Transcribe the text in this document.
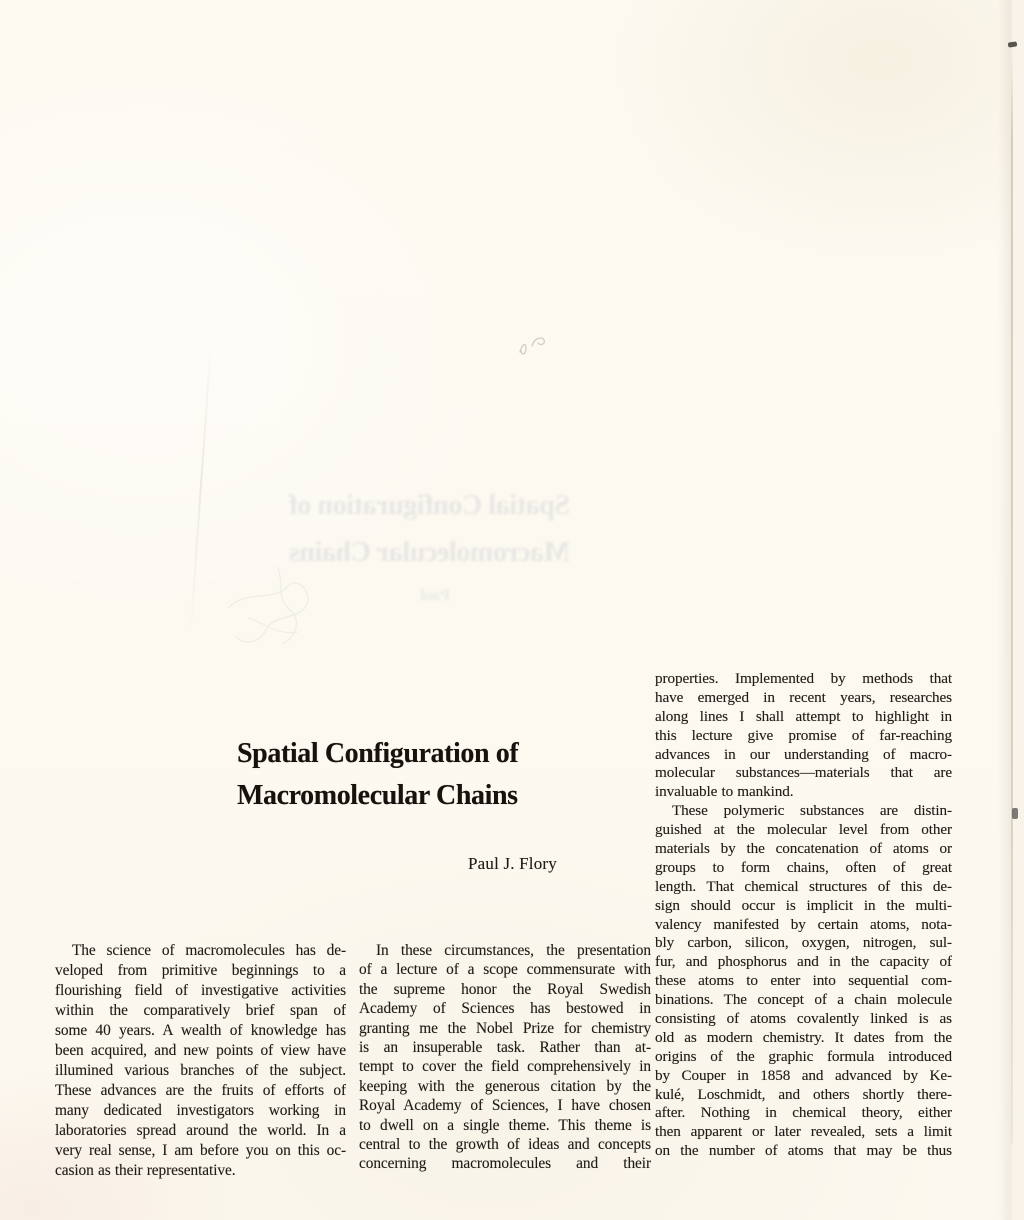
Spatial Configuration of
Macromolecular Chains
Paul
Spatial Configuration of
Macromolecular Chains
Paul J. Flory
The science of macromolecules has de-
veloped from primitive beginnings to a
flourishing field of investigative activities
within the comparatively brief span of
some 40 years. A wealth of knowledge has
been acquired, and new points of view have
illumined various branches of the subject.
These advances are the fruits of efforts of
many dedicated investigators working in
laboratories spread around the world. In a
very real sense, I am before you on this oc-
casion as their representative.
In these circumstances, the presentation
of a lecture of a scope commensurate with
the supreme honor the Royal Swedish
Academy of Sciences has bestowed in
granting me the Nobel Prize for chemistry
is an insuperable task. Rather than at-
tempt to cover the field comprehensively in
keeping with the generous citation by the
Royal Academy of Sciences, I have chosen
to dwell on a single theme. This theme is
central to the growth of ideas and concepts
concerning macromolecules and their
properties. Implemented by methods that
have emerged in recent years, researches
along lines I shall attempt to highlight in
this lecture give promise of far-reaching
advances in our understanding of macro-
molecular substances—materials that are
invaluable to mankind.
These polymeric substances are distin-
guished at the molecular level from other
materials by the concatenation of atoms or
groups to form chains, often of great
length. That chemical structures of this de-
sign should occur is implicit in the multi-
valency manifested by certain atoms, nota-
bly carbon, silicon, oxygen, nitrogen, sul-
fur, and phosphorus and in the capacity of
these atoms to enter into sequential com-
binations. The concept of a chain molecule
consisting of atoms covalently linked is as
old as modern chemistry. It dates from the
origins of the graphic formula introduced
by Couper in 1858 and advanced by Ke-
kulé, Loschmidt, and others shortly there-
after. Nothing in chemical theory, either
then apparent or later revealed, sets a limit
on the number of atoms that may be thus
